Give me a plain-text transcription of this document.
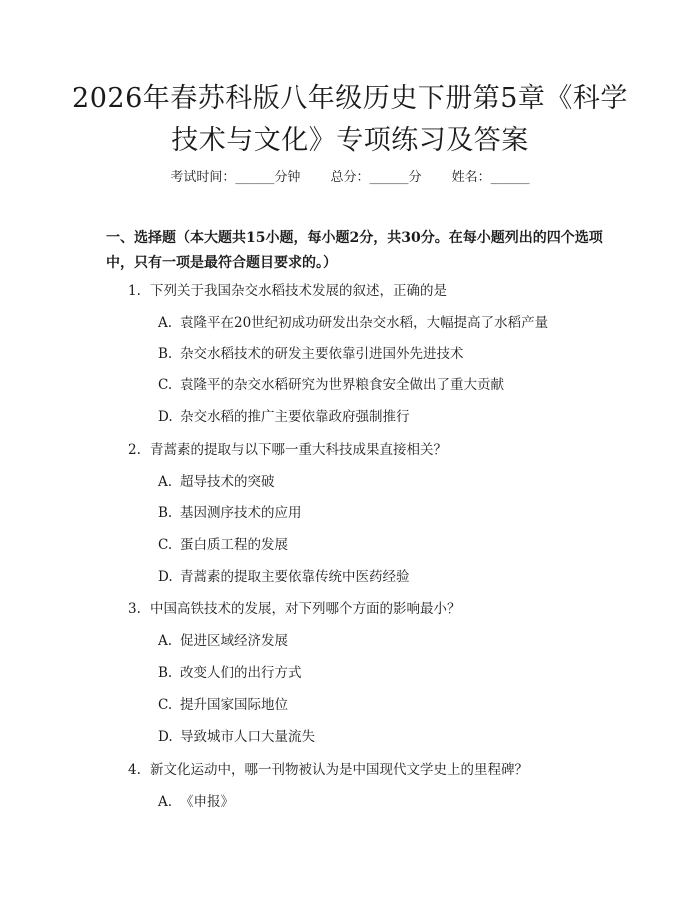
2026年春苏科版八年级历史下册第5章《科学技术与文化》专项练习及答案
考试时间：______分钟 总分：______分 姓名：______
一、选择题（本大题共15小题，每小题2分，共30分。在每小题列出的四个选项中，只有一项是最符合题目要求的。）
1. 下列关于我国杂交水稻技术发展的叙述，正确的是
A. 袁隆平在20世纪初成功研发出杂交水稻，大幅提高了水稻产量
B. 杂交水稻技术的研发主要依靠引进国外先进技术
C. 袁隆平的杂交水稻研究为世界粮食安全做出了重大贡献
D. 杂交水稻的推广主要依靠政府强制推行
2. 青蒿素的提取与以下哪一重大科技成果直接相关？
A. 超导技术的突破
B. 基因测序技术的应用
C. 蛋白质工程的发展
D. 青蒿素的提取主要依靠传统中医药经验
3. 中国高铁技术的发展，对下列哪个方面的影响最小？
A. 促进区域经济发展
B. 改变人们的出行方式
C. 提升国家国际地位
D. 导致城市人口大量流失
4. 新文化运动中，哪一刊物被认为是中国现代文学史上的里程碑？
A. 《申报》
